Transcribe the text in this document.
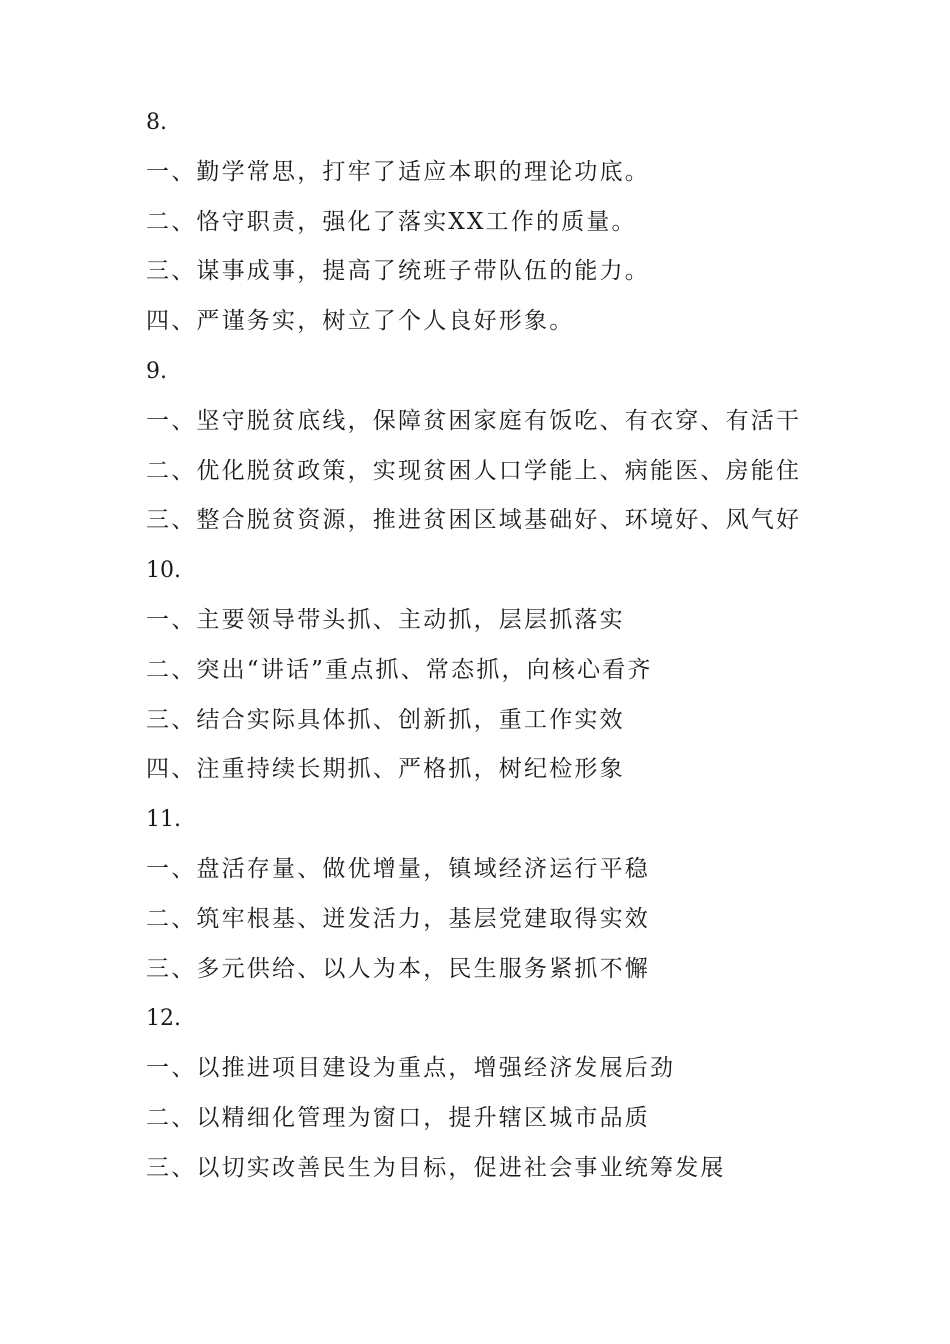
8.
一、勤学常思，打牢了适应本职的理论功底。
二、恪守职责，强化了落实XX工作的质量。
三、谋事成事，提高了统班子带队伍的能力。
四、严谨务实，树立了个人良好形象。
9.
一、坚守脱贫底线，保障贫困家庭有饭吃、有衣穿、有活干
二、优化脱贫政策，实现贫困人口学能上、病能医、房能住
三、整合脱贫资源，推进贫困区域基础好、环境好、风气好
10.
一、主要领导带头抓、主动抓，层层抓落实
二、突出“讲话”重点抓、常态抓，向核心看齐
三、结合实际具体抓、创新抓，重工作实效
四、注重持续长期抓、严格抓，树纪检形象
11.
一、盘活存量、做优增量，镇域经济运行平稳
二、筑牢根基、迸发活力，基层党建取得实效
三、多元供给、以人为本，民生服务紧抓不懈
12.
一、以推进项目建设为重点，增强经济发展后劲
二、以精细化管理为窗口，提升辖区城市品质
三、以切实改善民生为目标，促进社会事业统筹发展
